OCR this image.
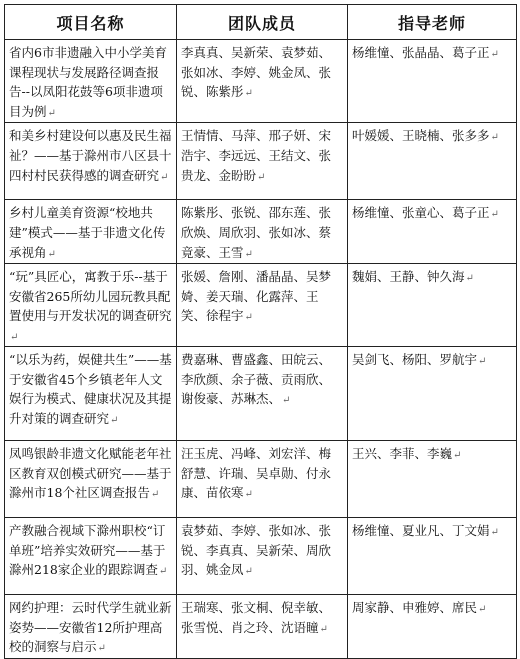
项目名称	团队成员	指导老师
省内6市非遗融入中小学美育课程现状与发展路径调查报告--以凤阳花鼓等6项非遗项目为例↵	李真真、吴新荣、袁梦茹、张如冰、李婷、姚金凤、张锐、陈紫彤↵	杨维憧、张晶晶、葛子正↵
和美乡村建设何以惠及民生福祉？——基于滁州市八区县十四村村民获得感的调查研究↵	王情情、马萍、邢子妍、宋浩宇、李远远、王结文、张贵龙、金盼盼↵	叶媛媛、王晓楠、张多多↵
乡村儿童美育资源“校地共建”模式——基于非遗文化传承视角↵	陈紫彤、张锐、邵东莲、张欣焕、周欣羽、张如冰、蔡竟豪、王雪↵	杨维憧、张童心、葛子正↵
“玩”具匠心，寓教于乐--基于安徽省265所幼儿园玩教具配置使用与开发状况的调查研究↵	张媛、詹刚、潘晶晶、吴梦婍、姜天瑞、化露萍、王笑、徐程宇↵	魏娟、王静、钟久海↵
“以乐为药，娱健共生”——基于安徽省45个乡镇老年人文娱行为模式、健康状况及其提升对策的调查研究↵	费嘉琳、曹盛鑫、田皖云、李欣颜、余子薇、贡雨欣、谢俊豪、苏琳杰、↵	吴剑飞、杨阳、罗航宇↵
凤鸣银龄非遗文化赋能老年社区教育双创模式研究——基于滁州市18个社区调查报告↵	汪玉虎、冯峰、刘宏洋、梅舒慧、许瑞、吴卓勋、付永康、苗依寒↵	王兴、李菲、李巍↵
产教融合视域下滁州职校“订单班”培养实效研究——基于滁州218家企业的跟踪调查↵	袁梦茹、李婷、张如冰、张锐、李真真、吴新荣、周欣羽、姚金凤↵	杨维憧、夏业凡、丁文娟↵
网约护理：云时代学生就业新姿势——安徽省12所护理高校的洞察与启示↵	王瑞寒、张文桐、倪幸敏、张雪悦、肖之玲、沈语瞳↵	周家静、申雅婷、席民↵
